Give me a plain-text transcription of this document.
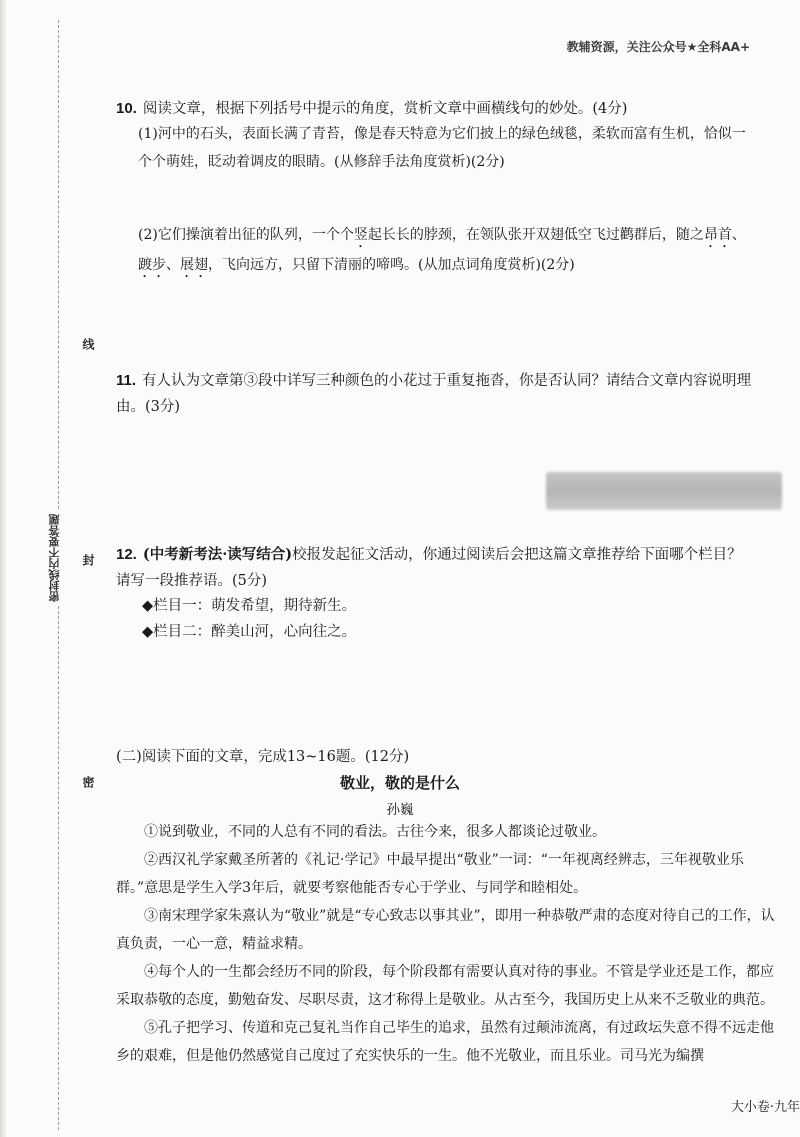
线
封
密
密封线内不要答题
教辅资源，关注公众号★全科AA+
10. 阅读文章，根据下列括号中提示的角度，赏析文章中画横线句的妙处。(4分)
(1)河中的石头，表面长满了青苔，像是春天特意为它们披上的绿色绒毯，柔软而富有生机，恰似一
个个萌娃，眨动着调皮的眼睛。(从修辞手法角度赏析)(2分)
(2)它们操演着出征的队列，一个个竖起长长的脖颈，在领队张开双翅低空飞过鹳群后，随之昂首、
踱步、展翅，飞向远方，只留下清丽的啼鸣。(从加点词角度赏析)(2分)
11. 有人认为文章第③段中详写三种颜色的小花过于重复拖沓，你是否认同？请结合文章内容说明理
由。(3分)
12. (中考新考法·读写结合)校报发起征文活动，你通过阅读后会把这篇文章推荐给下面哪个栏目？
请写一段推荐语。(5分)
◆栏目一：萌发希望，期待新生。
◆栏目二：醉美山河，心向往之。
(二)阅读下面的文章，完成13~16题。(12分)
敬业，敬的是什么
孙巍
①说到敬业，不同的人总有不同的看法。古往今来，很多人都谈论过敬业。
②西汉礼学家戴圣所著的《礼记·学记》中最早提出“敬业”一词：“一年视离经辨志，三年视敬业乐群。”意思是学生入学3年后，就要考察他能否专心于学业、与同学和睦相处。
③南宋理学家朱熹认为“敬业”就是“专心致志以事其业”，即用一种恭敬严肃的态度对待自己的工作，认真负责，一心一意，精益求精。
④每个人的一生都会经历不同的阶段，每个阶段都有需要认真对待的事业。不管是学业还是工作，都应采取恭敬的态度，勤勉奋发、尽职尽责，这才称得上是敬业。从古至今，我国历史上从来不乏敬业的典范。
⑤孔子把学习、传道和克己复礼当作自己毕生的追求，虽然有过颠沛流离，有过政坛失意不得不远走他乡的艰难，但是他仍然感觉自己度过了充实快乐的一生。他不光敬业，而且乐业。司马光为编撰
大小卷·九年
